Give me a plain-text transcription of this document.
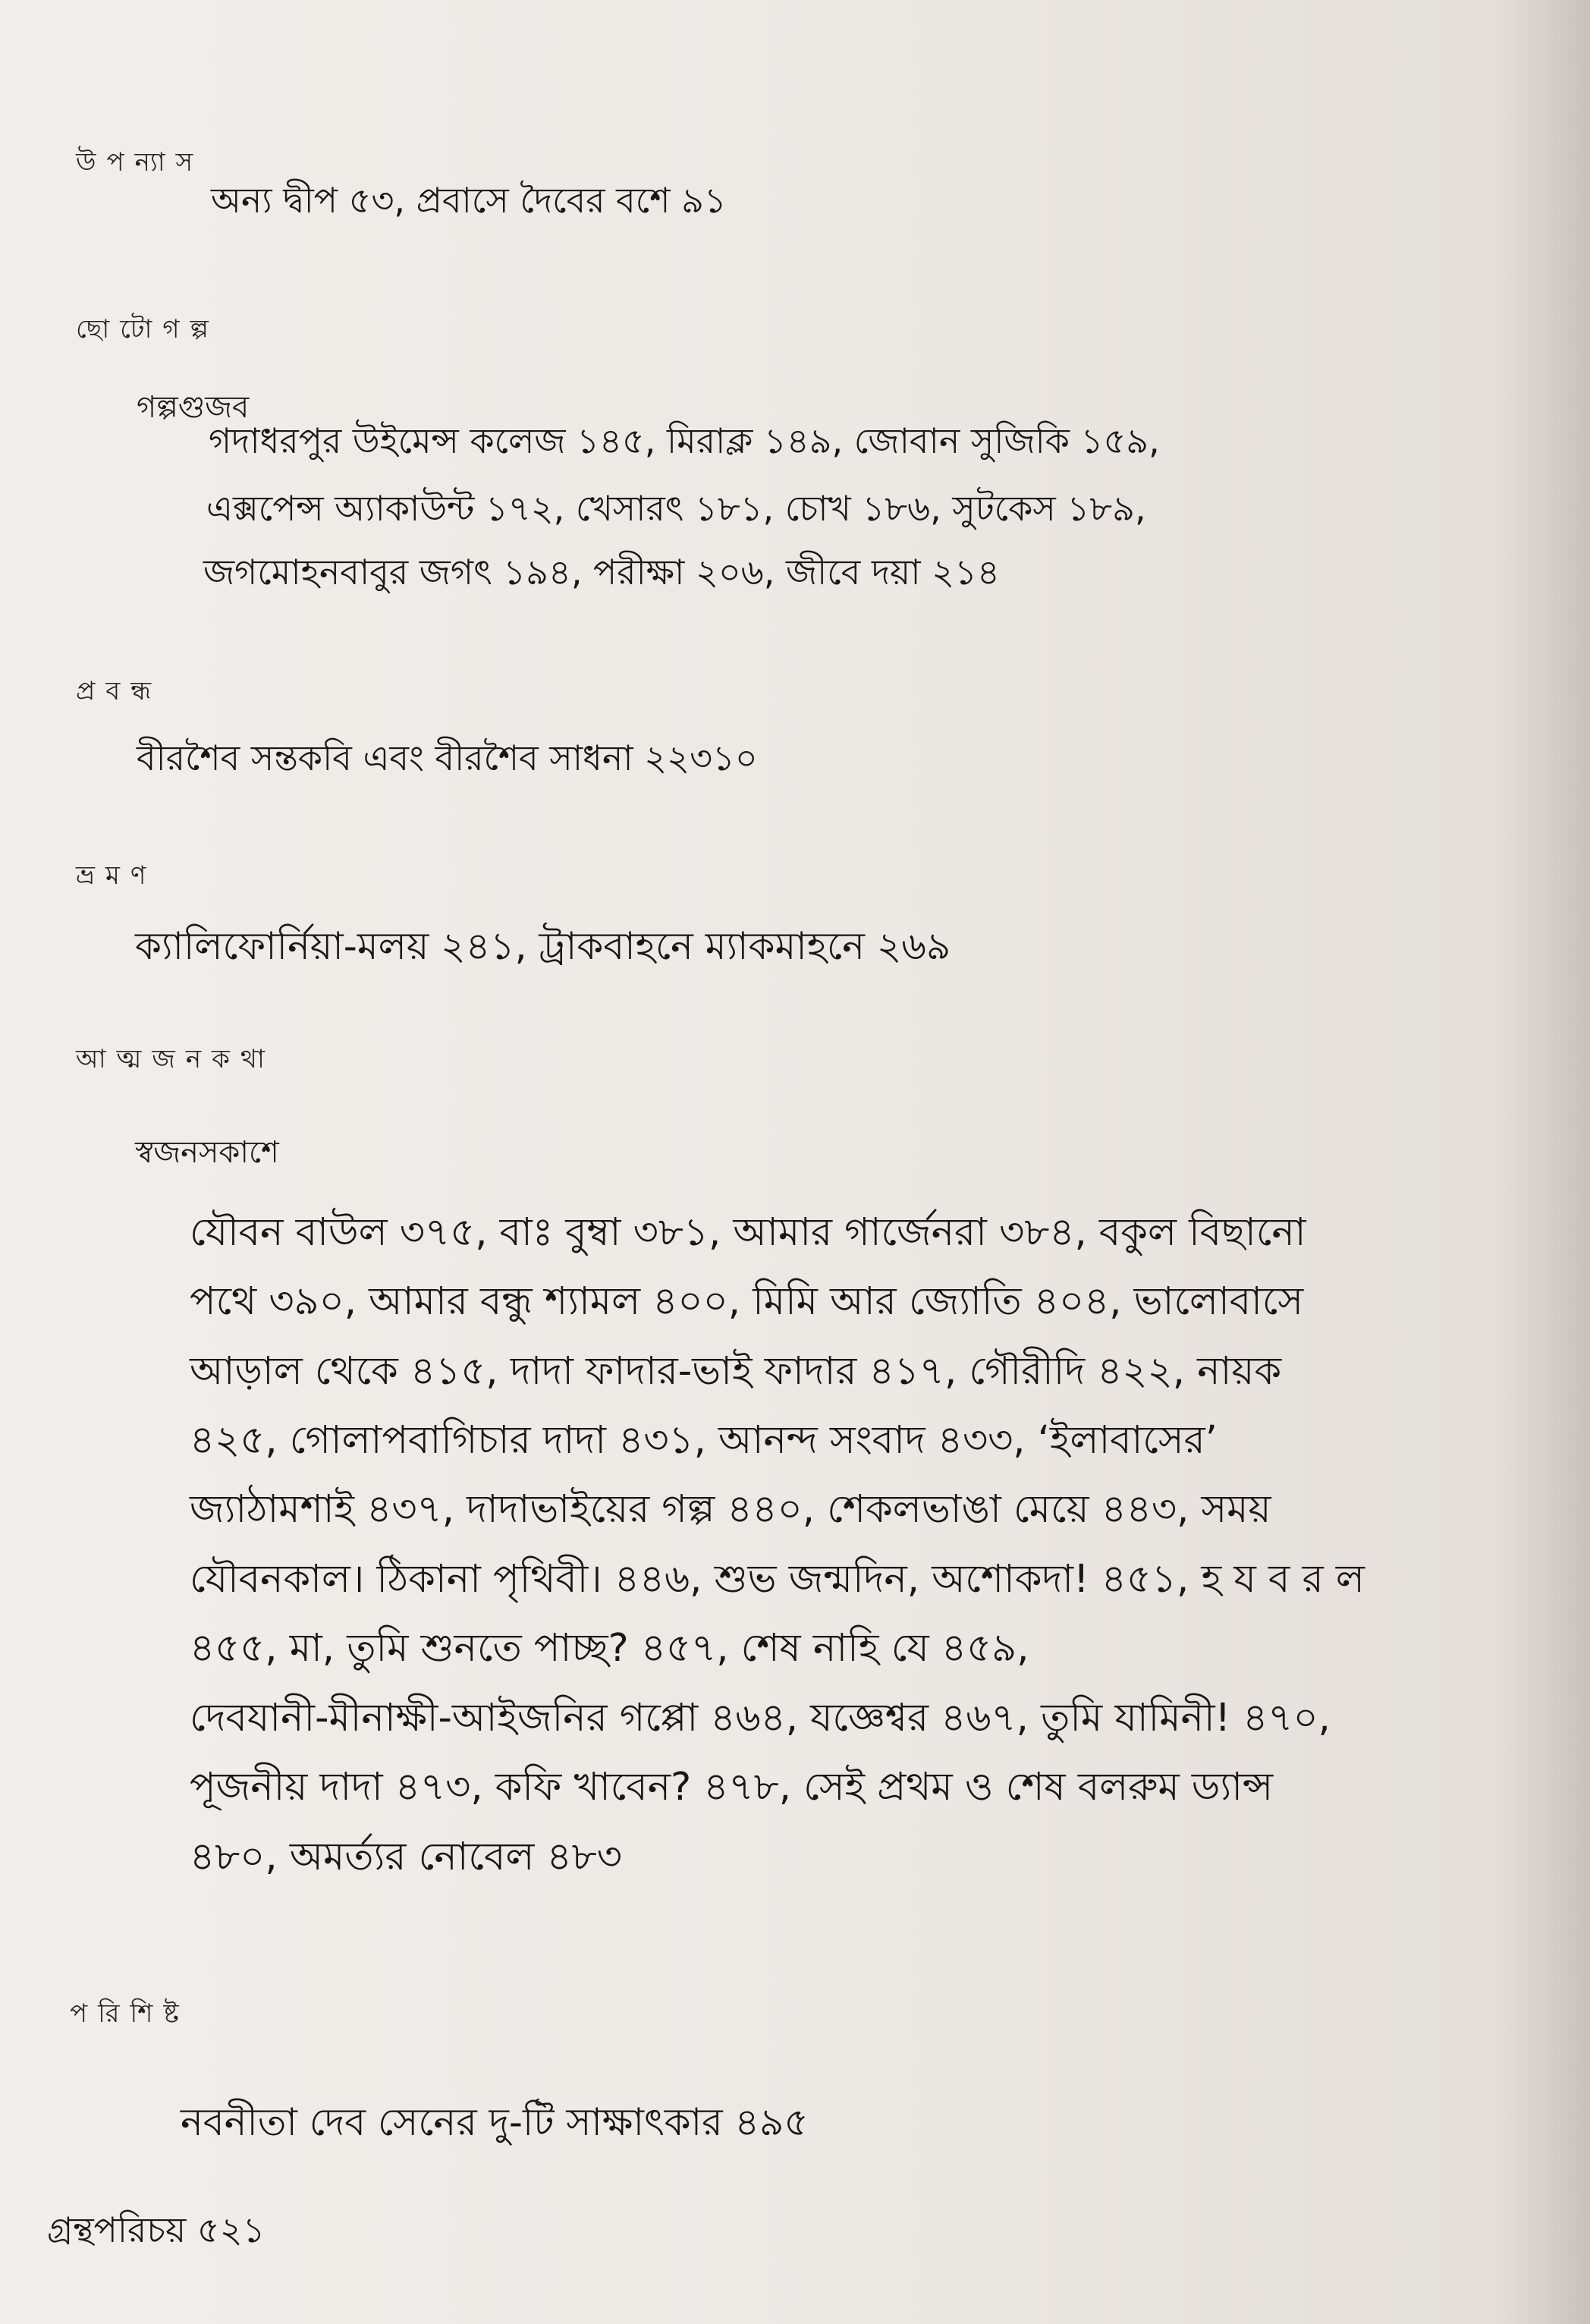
উপন্যাস
অন্য দ্বীপ ৫৩, প্রবাসে দৈবের বশে ৯১
ছোটোগল্প
গল্পগুজব
গদাধরপুর উইমেন্স কলেজ ১৪৫, মিরাক্ল ১৪৯, জোবান সুজিকি ১৫৯,
এক্সপেন্স অ্যাকাউন্ট ১৭২, খেসারৎ ১৮১, চোখ ১৮৬, সুটকেস ১৮৯,
জগমোহনবাবুর জগৎ ১৯৪, পরীক্ষা ২০৬, জীবে দয়া ২১৪
প্রবন্ধ
বীরশৈব সন্তকবি এবং বীরশৈব সাধনা ২২৩১০
ভ্রমণ
ক্যালিফোর্নিয়া-মলয় ২৪১, ট্রাকবাহনে ম্যাকমাহনে ২৬৯
আত্মজনকথা
স্বজনসকাশে
যৌবন বাউল ৩৭৫, বাঃ বুম্বা ৩৮১, আমার গার্জেনরা ৩৮৪, বকুল বিছানো
পথে ৩৯০, আমার বন্ধু শ্যামল ৪০০, মিমি আর জ্যোতি ৪০৪, ভালোবাসে
আড়াল থেকে ৪১৫, দাদা ফাদার-ভাই ফাদার ৪১৭, গৌরীদি ৪২২, নায়ক
৪২৫, গোলাপবাগিচার দাদা ৪৩১, আনন্দ সংবাদ ৪৩৩, ‘ইলাবাসের’
জ্যাঠামশাই ৪৩৭, দাদাভাইয়ের গল্প ৪৪০, শেকলভাঙা মেয়ে ৪৪৩, সময়
যৌবনকাল। ঠিকানা পৃথিবী। ৪৪৬, শুভ জন্মদিন, অশোকদা! ৪৫১, হ য ব র ল
৪৫৫, মা, তুমি শুনতে পাচ্ছ? ৪৫৭, শেষ নাহি যে ৪৫৯,
দেবযানী-মীনাক্ষী-আইজনির গপ্পো ৪৬৪, যজ্ঞেশ্বর ৪৬৭, তুমি যামিনী! ৪৭০,
পূজনীয় দাদা ৪৭৩, কফি খাবেন? ৪৭৮, সেই প্রথম ও শেষ বলরুম ড্যান্স
৪৮০, অমর্ত্যর নোবেল ৪৮৩
পরিশিষ্ট
নবনীতা দেব সেনের দু-টি সাক্ষাৎকার ৪৯৫
গ্রন্থপরিচয় ৫২১
